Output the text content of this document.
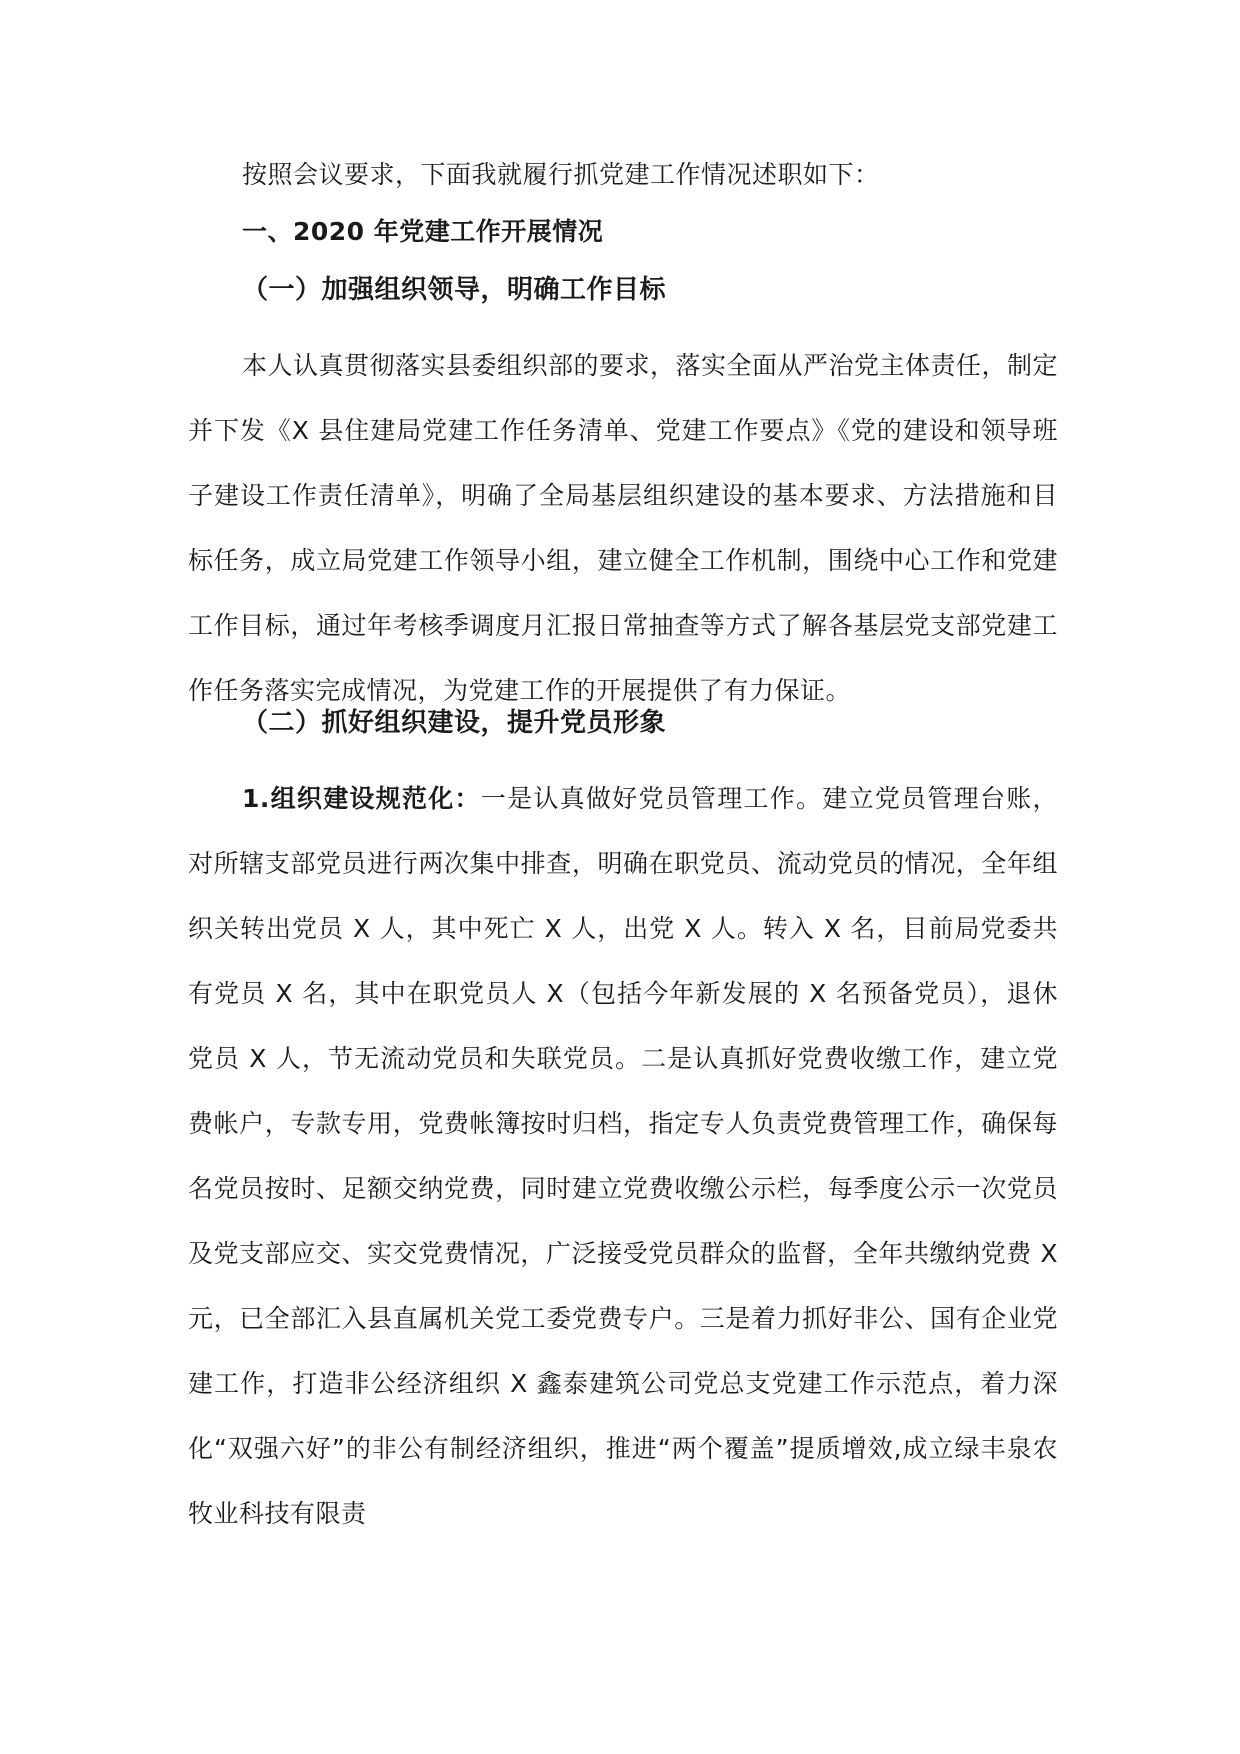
按照会议要求，下面我就履行抓党建工作情况述职如下：

一、2020 年党建工作开展情况

（一）加强组织领导，明确工作目标

本人认真贯彻落实县委组织部的要求，落实全面从严治党主体责任，制定并下发《X 县住建局党建工作任务清单、党建工作要点》《党的建设和领导班子建设工作责任清单》，明确了全局基层组织建设的基本要求、方法措施和目标任务，成立局党建工作领导小组，建立健全工作机制，围绕中心工作和党建工作目标，通过年考核季调度月汇报日常抽查等方式了解各基层党支部党建工作任务落实完成情况，为党建工作的开展提供了有力保证。

（二）抓好组织建设，提升党员形象

1.组织建设规范化：一是认真做好党员管理工作。建立党员管理台账，对所辖支部党员进行两次集中排查，明确在职党员、流动党员的情况，全年组织关转出党员 X 人，其中死亡 X 人，出党 X 人。转入 X 名，目前局党委共有党员 X 名，其中在职党员人 X（包括今年新发展的 X 名预备党员），退休党员 X 人，节无流动党员和失联党员。二是认真抓好党费收缴工作，建立党费帐户，专款专用，党费帐簿按时归档，指定专人负责党费管理工作，确保每名党员按时、足额交纳党费，同时建立党费收缴公示栏，每季度公示一次党员及党支部应交、实交党费情况，广泛接受党员群众的监督，全年共缴纳党费 X 元，已全部汇入县直属机关党工委党费专户。三是着力抓好非公、国有企业党建工作，打造非公经济组织 X 鑫泰建筑公司党总支党建工作示范点，着力深化“双强六好”的非公有制经济组织，推进“两个覆盖”提质增效,成立绿丰泉农牧业科技有限责
